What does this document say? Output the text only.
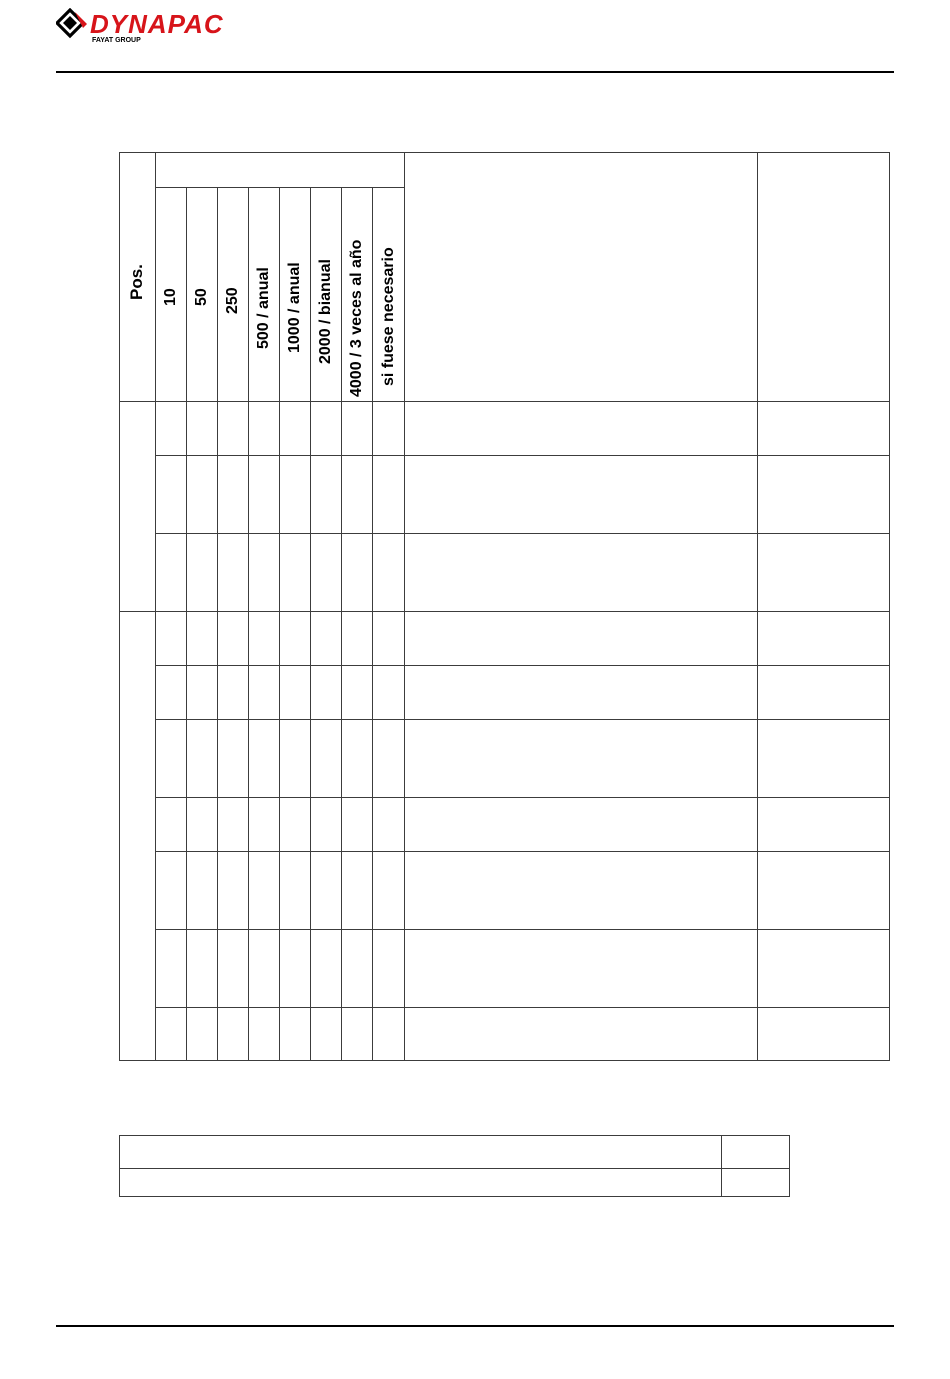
DYNAPAC
FAYAT GROUP
Pos. 10 50 250 500 / anual 1000 / anual 2000 / bianual 4000 / 3 veces al año si fuese necesario
